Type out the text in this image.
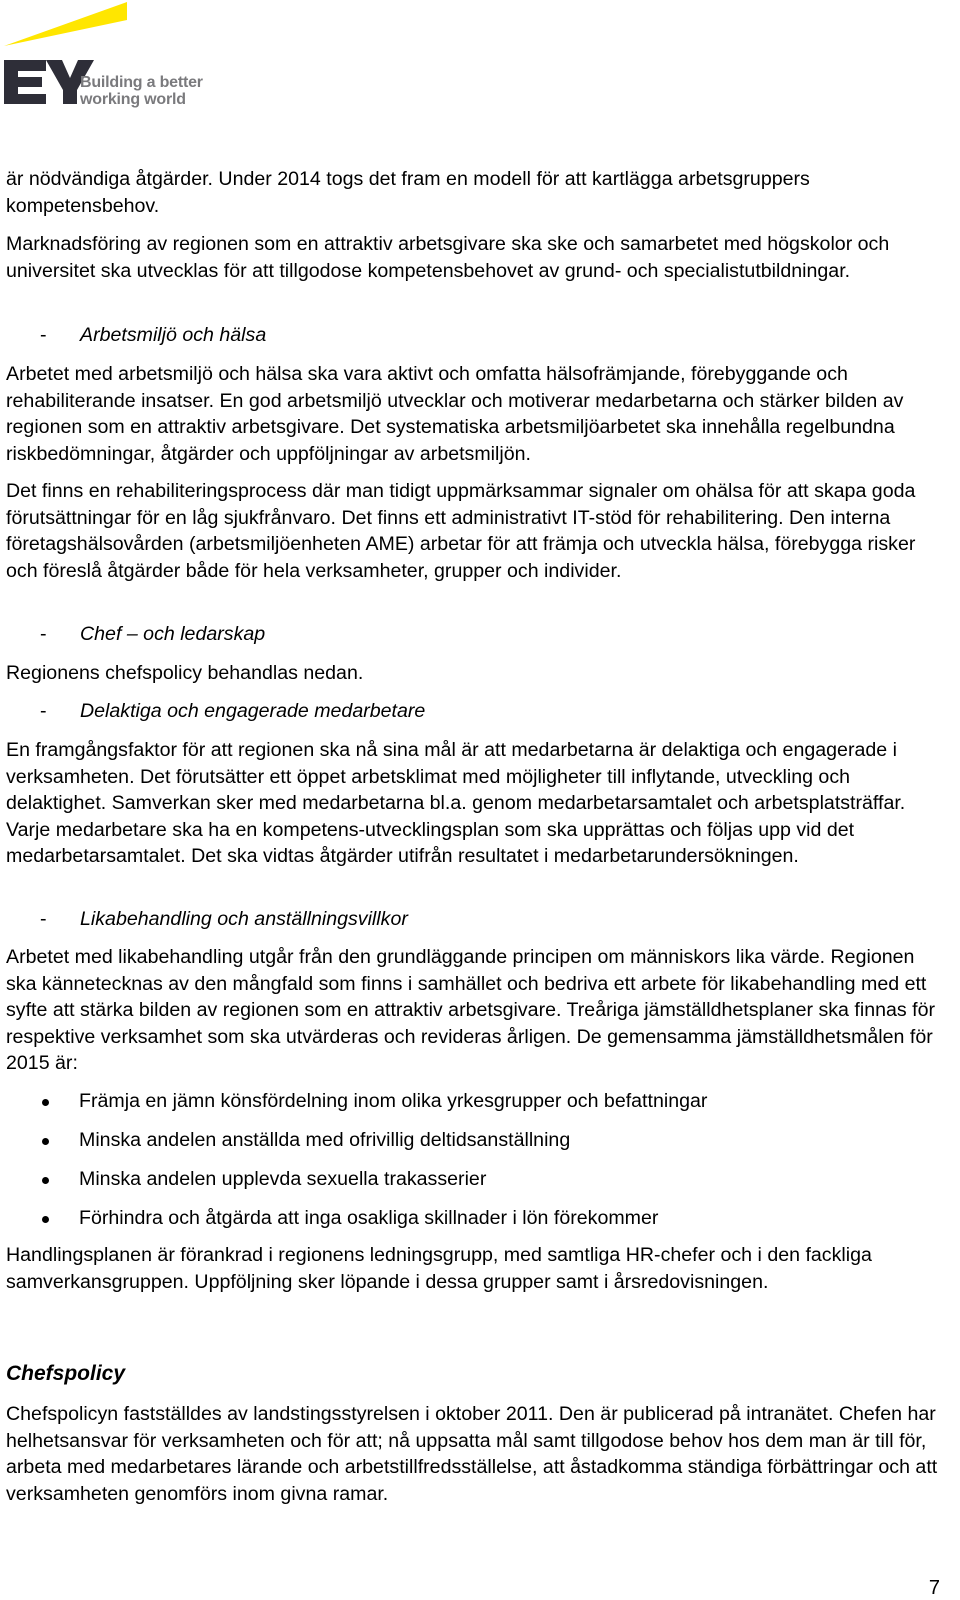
Building a better
working world

är nödvändiga åtgärder. Under 2014 togs det fram en modell för att kartlägga arbetsgruppers kompetensbehov.

Marknadsföring av regionen som en attraktiv arbetsgivare ska ske och samarbetet med högskolor och universitet ska utvecklas för att tillgodose kompetensbehovet av grund- och specialistutbildningar.

- Arbetsmiljö och hälsa

Arbetet med arbetsmiljö och hälsa ska vara aktivt och omfatta hälsofrämjande, förebyggande och rehabiliterande insatser. En god arbetsmiljö utvecklar och motiverar medarbetarna och stärker bilden av regionen som en attraktiv arbetsgivare. Det systematiska arbetsmiljöarbetet ska innehålla regelbundna riskbedömningar, åtgärder och uppföljningar av arbetsmiljön.

Det finns en rehabiliteringsprocess där man tidigt uppmärksammar signaler om ohälsa för att skapa goda förutsättningar för en låg sjukfrånvaro. Det finns ett administrativt IT-stöd för rehabilitering. Den interna företagshälsovården (arbetsmiljöenheten AME) arbetar för att främja och utveckla hälsa, förebygga risker och föreslå åtgärder både för hela verksamheter, grupper och individer.

- Chef – och ledarskap

Regionens chefspolicy behandlas nedan.

- Delaktiga och engagerade medarbetare

En framgångsfaktor för att regionen ska nå sina mål är att medarbetarna är delaktiga och engagerade i verksamheten. Det förutsätter ett öppet arbetsklimat med möjligheter till inflytande, utveckling och delaktighet. Samverkan sker med medarbetarna bl.a. genom medarbetarsamtalet och arbetsplatsträffar. Varje medarbetare ska ha en kompetens-utvecklingsplan som ska upprättas och följas upp vid det medarbetarsamtalet. Det ska vidtas åtgärder utifrån resultatet i medarbetarundersökningen.

- Likabehandling och anställningsvillkor

Arbetet med likabehandling utgår från den grundläggande principen om människors lika värde. Regionen ska kännetecknas av den mångfald som finns i samhället och bedriva ett arbete för likabehandling med ett syfte att stärka bilden av regionen som en attraktiv arbetsgivare. Treåriga jämställdhetsplaner ska finnas för respektive verksamhet som ska utvärderas och revideras årligen. De gemensamma jämställdhetsmålen för 2015 är:

Främja en jämn könsfördelning inom olika yrkesgrupper och befattningar
Minska andelen anställda med ofrivillig deltidsanställning
Minska andelen upplevda sexuella trakasserier
Förhindra och åtgärda att inga osakliga skillnader i lön förekommer

Handlingsplanen är förankrad i regionens ledningsgrupp, med samtliga HR-chefer och i den fackliga samverkansgruppen. Uppföljning sker löpande i dessa grupper samt i årsredovisningen.

Chefspolicy

Chefspolicyn fastställdes av landstingsstyrelsen i oktober 2011. Den är publicerad på intranätet. Chefen har helhetsansvar för verksamheten och för att; nå uppsatta mål samt tillgodose behov hos dem man är till för, arbeta med medarbetares lärande och arbetstillfredsställelse, att åstadkomma ständiga förbättringar och att verksamheten genomförs inom givna ramar.

7
